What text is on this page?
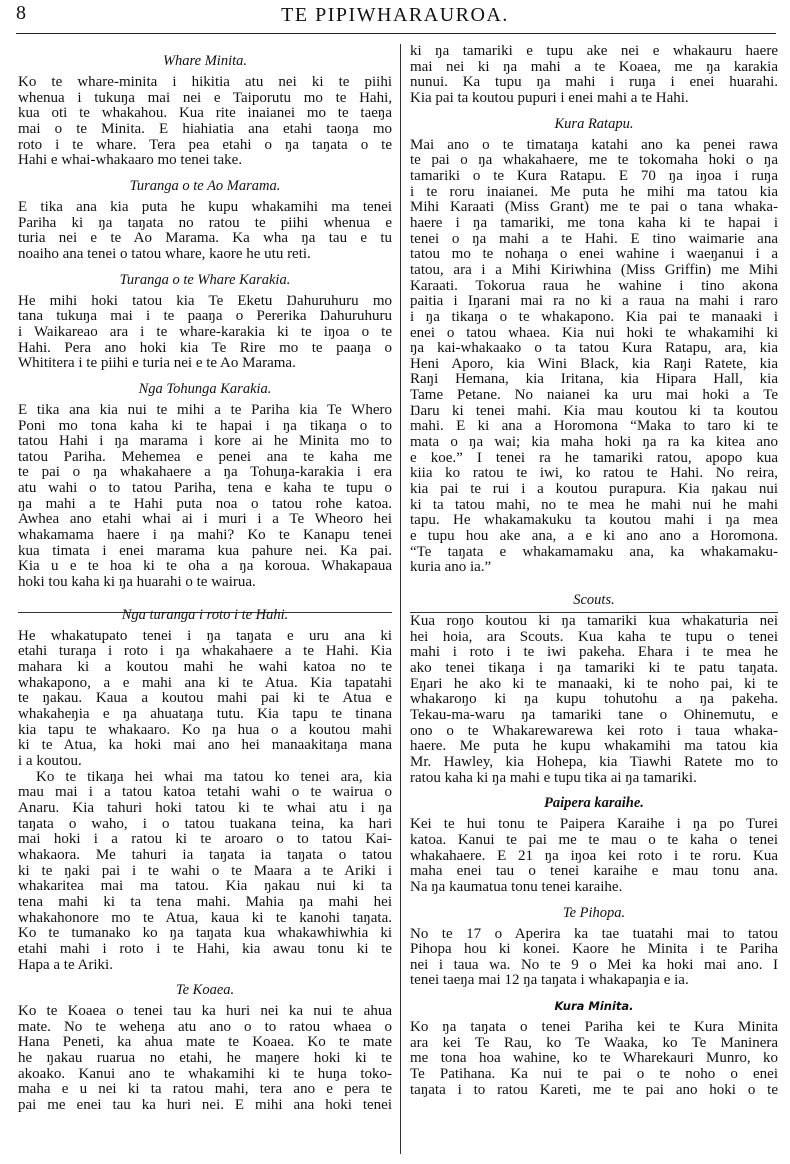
8	TE PIPIWHARAUROA.
Whare Minita.
Ko te whare-minita i hikitia atu nei ki te piihi
whenua i tukuŋa mai nei e Taiporutu mo te Hahi,
kua oti te whakahou. Kua rite inaianei mo te taeŋa
mai o te Minita. E hiahiatia ana etahi taoŋa mo
roto i te whare. Tera pea etahi o ŋa taŋata o te
Hahi e whai-whakaaro mo tenei take.
Turanga o te Ao Marama.
E tika ana kia puta he kupu whakamihi ma tenei
Pariha ki ŋa taŋata no ratou te piihi whenua e
turia nei e te Ao Marama. Ka wha ŋa tau e tu
noaiho ana tenei o tatou whare, kaore he utu reti.
Turanga o te Whare Karakia.
He mihi hoki tatou kia Te Eketu Ŋahuruhuru mo
tana tukuŋa mai i te paaŋa o Pererika Ŋahuruhuru
i Waikareao ara i te whare-karakia ki te iŋoa o te
Hahi. Pera ano hoki kia Te Rire mo te paaŋa o
Whititera i te piihi e turia nei e te Ao Marama.
Nga Tohunga Karakia.
E tika ana kia nui te mihi a te Pariha kia Te Whero
Poni mo tona kaha ki te hapai i ŋa tikaŋa o to
tatou Hahi i ŋa marama i kore ai he Minita mo to
tatou Pariha. Mehemea e penei ana te kaha me
te pai o ŋa whakahaere a ŋa Tohuŋa-karakia i era
atu wahi o to tatou Pariha, tena e kaha te tupu o
ŋa mahi a te Hahi puta noa o tatou rohe katoa.
Awhea ano etahi whai ai i muri i a Te Wheoro hei
whakamama haere i ŋa mahi? Ko te Kanapu tenei
kua timata i enei marama kua pahure nei. Ka pai.
Kia u e te hoa ki te oha a ŋa koroua. Whakapaua
hoki tou kaha ki ŋa huarahi o te wairua.
Nga turanga i roto i te Hahi.
He whakatupato tenei i ŋa taŋata e uru ana ki
etahi turaŋa i roto i ŋa whakahaere a te Hahi. Kia
mahara ki a koutou mahi he wahi katoa no te
whakapono, a e mahi ana ki te Atua. Kia tapatahi
te ŋakau. Kaua a koutou mahi pai ki te Atua e
whakaheŋia e ŋa ahuataŋa tutu. Kia tapu te tinana
kia tapu te whakaaro. Ko ŋa hua o a koutou mahi
ki te Atua, ka hoki mai ano hei manaakitaŋa mana
i a koutou.
Ko te tikaŋa hei whai ma tatou ko tenei ara, kia
mau mai i a tatou katoa tetahi wahi o te wairua o
Anaru. Kia tahuri hoki tatou ki te whai atu i ŋa
taŋata o waho, i o tatou tuakana teina, ka hari
mai hoki i a ratou ki te aroaro o to tatou Kai-
whakaora. Me tahuri ia taŋata ia taŋata o tatou
ki te ŋaki pai i te wahi o te Maara a te Ariki i
whakaritea mai ma tatou. Kia ŋakau nui ki ta
tena mahi ki ta tena mahi. Mahia ŋa mahi hei
whakahonore mo te Atua, kaua ki te kanohi taŋata.
Ko te tumanako ko ŋa taŋata kua whakawhiwhia ki
etahi mahi i roto i te Hahi, kia awau tonu ki te
Hapa a te Ariki.
Te Koaea.
Ko te Koaea o tenei tau ka huri nei ka nui te ahua
mate. No te weheŋa atu ano o to ratou whaea o
Hana Peneti, ka ahua mate te Koaea. Ko te mate
he ŋakau ruarua no etahi, he maŋere hoki ki te
akoako. Kanui ano te whakamihi ki te huŋa toko-
maha e u nei ki ta ratou mahi, tera ano e pera te
pai me enei tau ka huri nei. E mihi ana hoki tenei
ki ŋa tamariki e tupu ake nei e whakauru haere
mai nei ki ŋa mahi a te Koaea, me ŋa karakia
nunui. Ka tupu ŋa mahi i ruŋa i enei huarahi.
Kia pai ta koutou pupuri i enei mahi a te Hahi.
Kura Ratapu.
Mai ano o te timataŋa katahi ano ka penei rawa
te pai o ŋa whakahaere, me te tokomaha hoki o ŋa
tamariki o te Kura Ratapu. E 70 ŋa iŋoa i ruŋa
i te roru inaianei. Me puta he mihi ma tatou kia
Mihi Karaati (Miss Grant) me te pai o tana whaka-
haere i ŋa tamariki, me tona kaha ki te hapai i
tenei o ŋa mahi a te Hahi. E tino waimarie ana
tatou mo te nohaŋa o enei wahine i waeŋanui i a
tatou, ara i a Mihi Kiriwhina (Miss Griffin) me Mihi
Karaati. Tokorua raua he wahine i tino akona
paitia i Iŋarani mai ra no ki a raua na mahi i raro
i ŋa tikaŋa o te whakapono. Kia pai te manaaki i
enei o tatou whaea. Kia nui hoki te whakamihi ki
ŋa kai-whakaako o ta tatou Kura Ratapu, ara, kia
Heni Aporo, kia Wini Black, kia Raŋi Ratete, kia
Raŋi Hemana, kia Iritana, kia Hipara Hall, kia
Tame Petane. No naianei ka uru mai hoki a Te
Ŋaru ki tenei mahi. Kia mau koutou ki ta koutou
mahi. E ki ana a Horomona “Maka to taro ki te
mata o ŋa wai; kia maha hoki ŋa ra ka kitea ano
e koe.” I tenei ra he tamariki ratou, apopo kua
kiia ko ratou te iwi, ko ratou te Hahi. No reira,
kia pai te rui i a koutou purapura. Kia ŋakau nui
ki ta tatou mahi, no te mea he mahi nui he mahi
tapu. He whakamakuku ta koutou mahi i ŋa mea
e tupu hou ake ana, a e ki ano ano a Horomona.
“Te taŋata e whakamamaku ana, ka whakamaku-
kuria ano ia.”
Scouts.
Kua roŋo koutou ki ŋa tamariki kua whakaturia nei
hei hoia, ara Scouts. Kua kaha te tupu o tenei
mahi i roto i te iwi pakeha. Ehara i te mea he
ako tenei tikaŋa i ŋa tamariki ki te patu taŋata.
Eŋari he ako ki te manaaki, ki te noho pai, ki te
whakaroŋo ki ŋa kupu tohutohu a ŋa pakeha.
Tekau-ma-waru ŋa tamariki tane o Ohinemutu, e
ono o te Whakarewarewa kei roto i taua whaka-
haere. Me puta he kupu whakamihi ma tatou kia
Mr. Hawley, kia Hohepa, kia Tiawhi Ratete mo to
ratou kaha ki ŋa mahi e tupu tika ai ŋa tamariki.
Paipera karaihe.
Kei te hui tonu te Paipera Karaihe i ŋa po Turei
katoa. Kanui te pai me te mau o te kaha o tenei
whakahaere. E 21 ŋa iŋoa kei roto i te roru. Kua
maha enei tau o tenei karaihe e mau tonu ana.
Na ŋa kaumatua tonu tenei karaihe.
Te Pihopa.
No te 17 o Aperira ka tae tuatahi mai to tatou
Pihopa hou ki konei. Kaore he Minita i te Pariha
nei i taua wa. No te 9 o Mei ka hoki mai ano. I
tenei taeŋa mai 12 ŋa taŋata i whakapaŋia e ia.
Kura Minita.
Ko ŋa taŋata o tenei Pariha kei te Kura Minita
ara kei Te Rau, ko Te Waaka, ko Te Maninera
me tona hoa wahine, ko te Wharekauri Munro, ko
Te Patihana. Ka nui te pai o te noho o enei
taŋata i to ratou Kareti, me te pai ano hoki o te
